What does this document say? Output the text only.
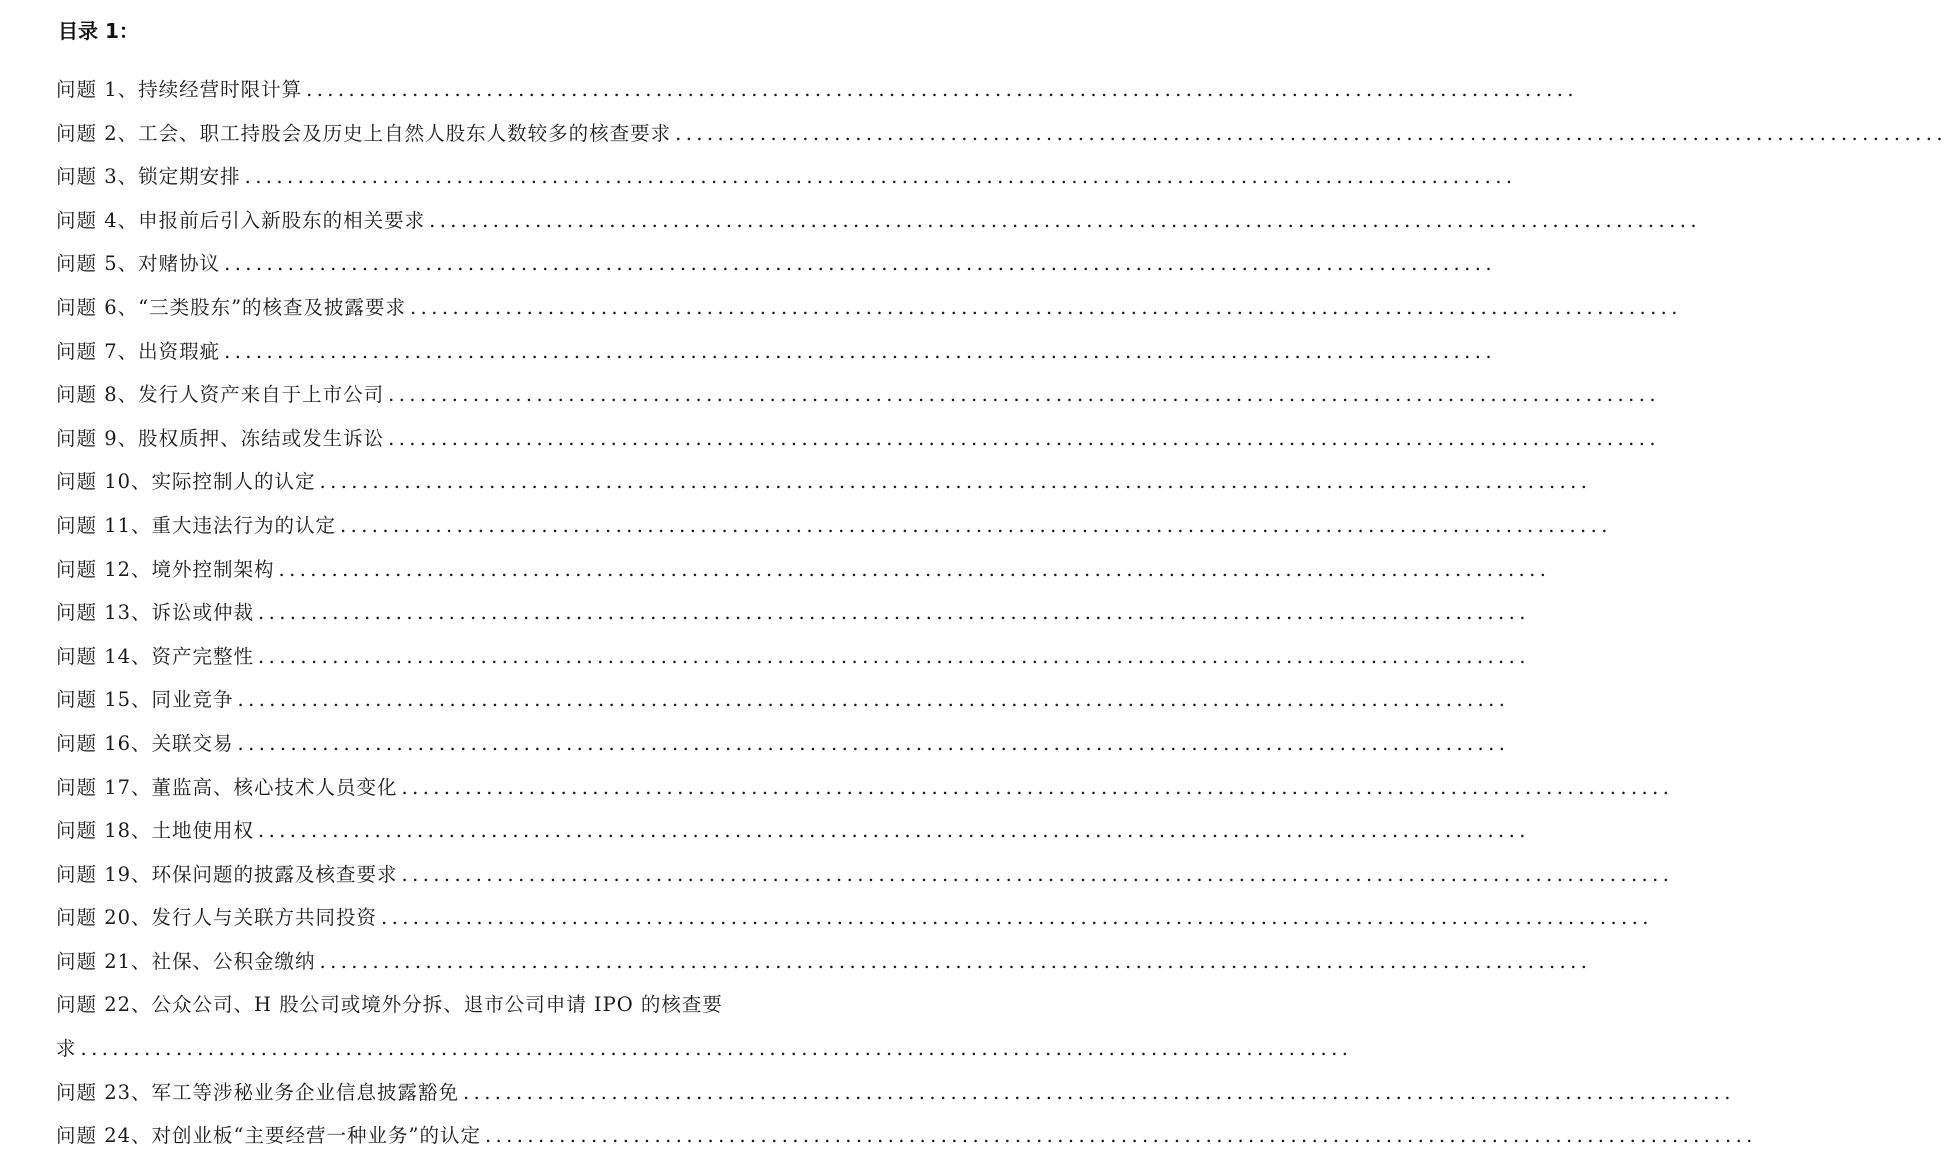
目录 1：
问题 1、持续经营时限计算 ........................................................................................................................
问题 2、工会、职工持股会及历史上自然人股东人数较多的核查要求 ........................................................................................................................
问题 3、锁定期安排 ........................................................................................................................
问题 4、申报前后引入新股东的相关要求 ........................................................................................................................
问题 5、对赌协议 ........................................................................................................................
问题 6、“三类股东”的核查及披露要求 ........................................................................................................................
问题 7、出资瑕疵 ........................................................................................................................
问题 8、发行人资产来自于上市公司 ........................................................................................................................
问题 9、股权质押、冻结或发生诉讼 ........................................................................................................................
问题 10、实际控制人的认定 ........................................................................................................................
问题 11、重大违法行为的认定 ........................................................................................................................
问题 12、境外控制架构 ........................................................................................................................
问题 13、诉讼或仲裁 ........................................................................................................................
问题 14、资产完整性 ........................................................................................................................
问题 15、同业竞争 ........................................................................................................................
问题 16、关联交易 ........................................................................................................................
问题 17、董监高、核心技术人员变化 ........................................................................................................................
问题 18、土地使用权 ........................................................................................................................
问题 19、环保问题的披露及核查要求 ........................................................................................................................
问题 20、发行人与关联方共同投资 ........................................................................................................................
问题 21、社保、公积金缴纳 ........................................................................................................................
问题 22、公众公司、H 股公司或境外分拆、退市公司申请 IPO 的核查要
求 ........................................................................................................................
问题 23、军工等涉秘业务企业信息披露豁免 ........................................................................................................................
问题 24、对创业板“主要经营一种业务”的认定 ........................................................................................................................
